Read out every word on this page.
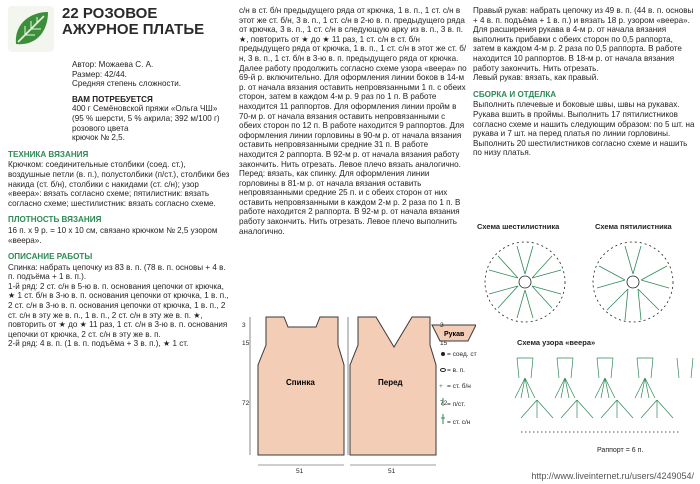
22 РОЗОВОЕ АЖУРНОЕ ПЛАТЬЕ

Автор: Можаева С. А.

Размер: 42/44.

Средняя степень сложности.

ВАМ ПОТРЕБУЕТСЯ

400 г Семёновской пряжи «Ольга ЧШ» (95 % шерсти, 5 % акрила; 392 м/100 г) розового цвета

крючок № 2,5.

ТЕХНИКА ВЯЗАНИЯ

Крючком: соединительные столбики (соед. ст.), воздушные петли (в. п.), полустолбики (п/ст.), столбики без накида (ст. б/н), столбики с накидами (ст. с/н); узор «веера»: вязать согласно схеме; пятилистник: вязать согласно схеме; шестилистник: вязать согласно схеме.

ПЛОТНОСТЬ ВЯЗАНИЯ

16 п. х 9 р. = 10 х 10 см, связано крючком № 2,5 узором «веера».

ОПИСАНИЕ РАБОТЫ

Спинка: набрать цепочку из 83 в. п. (78 в. п. основы + 4 в. п. подъёма + 1 в. п.).

1-й ряд: 2 ст. с/н в 5-ю в. п. основания цепочки от крючка, ★ 1 ст. б/н в 3-ю в. п. основания цепочки от крючка, 1 в. п., 2 ст. с/н в 3-ю в. п. основания цепочки от крючка, 1 в. п., 2 ст. с/н в эту же в. п., 1 в. п., 2 ст. с/н в эту же в. п. ★, повторить от ★ до ★ 11 раз, 1 ст. с/н в 3-ю в. п. основания цепочки от крючка, 2 ст. с/н в эту же в. п.

2-й ряд: 4 в. п. (1 в. п. подъёма + 3 в. п.), ★ 1 ст.

с/н в ст. б/н предыдущего ряда от крючка, 1 в. п., 1 ст. с/н в этот же ст. б/н, 3 в. п., 1 ст. с/н в 2-ю в. п. предыдущего ряда от крючка, 3 в. п., 1 ст. с/н в следующую арку из в. п., 3 в. п. ★, повторить от ★ до ★ 11 раз, 1 ст. с/н в ст. б/н предыдущего ряда от крючка, 1 в. п., 1 ст. с/н в этот же ст. б/н, 3 в. п., 1 ст. б/н в 3-ю в. п. предыдущего ряда от крючка.

Далее работу продолжить согласно схеме узора «веера» по 69-й р. включительно. Для оформления линии боков в 14-м р. от начала вязания оставить непровязанными 1 п. с обеих сторон, затем в каждом 4-м р. 9 раз по 1 п. В работе находится 11 раппортов. Для оформления линии пройм в 70-м р. от начала вязания оставить непровязанными с обеих сторон по 12 п. В работе находится 9 раппортов. Для оформления линии горловины в 90-м р. от начала вязания оставить непровязанными средние 31 п. В работе находится 2 раппорта. В 92-м р. от начала вязания работу закончить. Нить отрезать. Левое плечо вязать аналогично.

Перед: вязать, как спинку. Для оформления линии горловины в 81-м р. от начала вязания оставить непровязанными средние 25 п. и с обеих сторон от них оставить непровязанными в каждом 2-м р. 2 раза по 1 п. В работе находится 2 раппорта. В 92-м р. от начала вязания работу закончить. Нить отрезать. Левое плечо выполнить аналогично.

Спинка	Перед
Рукав
3
15
72
51
3
15
72
51

Правый рукав: набрать цепочку из 49 в. п. (44 в. п. основы + 4 в. п. подъёма + 1 в. п.) и вязать 18 р. узором «веера». Для расширения рукава в 4-м р. от начала вязания выполнить прибавки с обеих сторон по 0,5 раппорта, затем в каждом 4-м р. 2 раза по 0,5 раппорта. В работе находится 10 раппортов. В 18-м р. от начала вязания работу закончить. Нить отрезать.

Левый рукав: вязать, как правый.

СБОРКА И ОТДЕЛКА

Выполнить плечевые и боковые швы, швы на рукавах. Рукава вшить в проймы. Выполнить 17 пятилистников согласно схеме и нашить следующим образом: по 5 шт. на рукава и 7 шт. на перед платья по линии горловины. Выполнить 20 шестилистников согласно схеме и нашить по низу платья.

Схема шестилистника	Схема пятилистника
Схема узора «веера»
= соед. ст
= в. п.
+ = ст. б/н
= п/ст.
= ст. с/н
Раппорт = 6 п.
http://www.liveinternet.ru/users/4249054/
